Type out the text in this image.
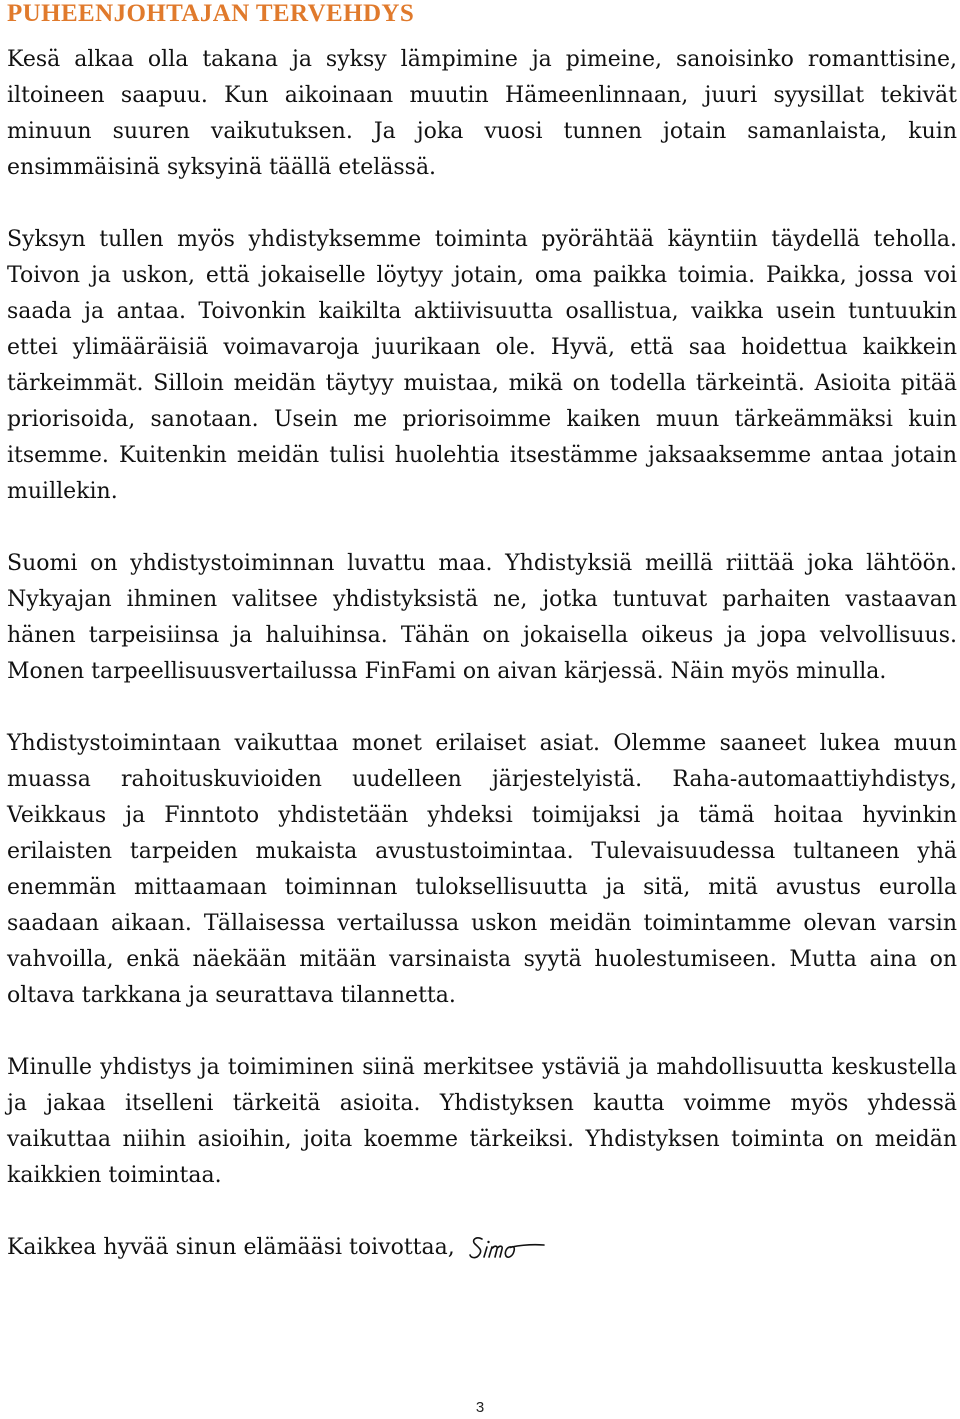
PUHEENJOHTAJAN TERVEHDYS

Kesä alkaa olla takana ja syksy lämpimine ja pimeine, sanoisinko romanttisine, iltoineen saapuu. Kun aikoinaan muutin Hämeenlinnaan, juuri syysillat tekivät minuun suuren vaikutuksen. Ja joka vuosi tunnen jotain samanlaista, kuin ensimmäisinä syksyinä täällä etelässä.

Syksyn tullen myös yhdistyksemme toiminta pyörähtää käyntiin täydellä teholla. Toivon ja uskon, että jokaiselle löytyy jotain, oma paikka toimia. Paikka, jossa voi saada ja antaa. Toivonkin kaikilta aktiivisuutta osallistua, vaikka usein tuntuukin ettei ylimääräisiä voimavaroja juurikaan ole. Hyvä, että saa hoidettua kaikkein tärkeimmät. Silloin meidän täytyy muistaa, mikä on todella tärkeintä. Asioita pitää priorisoida, sanotaan. Usein me priorisoimme kaiken muun tärkeämmäksi kuin itsemme. Kuitenkin meidän tulisi huolehtia itsestämme jaksaaksemme antaa jotain muillekin.

Suomi on yhdistystoiminnan luvattu maa. Yhdistyksiä meillä riittää joka lähtöön. Nykyajan ihminen valitsee yhdistyksistä ne, jotka tuntuvat parhaiten vastaavan hänen tarpeisiinsa ja haluihinsa. Tähän on jokaisella oikeus ja jopa velvollisuus. Monen tarpeellisuusvertailussa FinFami on aivan kärjessä. Näin myös minulla.

Yhdistystoimintaan vaikuttaa monet erilaiset asiat. Olemme saaneet lukea muun muassa rahoituskuvioiden uudelleen järjestelyistä. Raha-automaattiyhdistys, Veikkaus ja Finntoto yhdistetään yhdeksi toimijaksi ja tämä hoitaa hyvinkin erilaisten tarpeiden mukaista avustustoimintaa. Tulevaisuudessa tultaneen yhä enemmän mittaamaan toiminnan tuloksellisuutta ja sitä, mitä avustus eurolla saadaan aikaan. Tällaisessa vertailussa uskon meidän toimintamme olevan varsin vahvoilla, enkä näekään mitään varsinaista syytä huolestumiseen. Mutta aina on oltava tarkkana ja seurattava tilannetta.

Minulle yhdistys ja toimiminen siinä merkitsee ystäviä ja mahdollisuutta keskustella ja jakaa itselleni tärkeitä asioita. Yhdistyksen kautta voimme myös yhdessä vaikuttaa niihin asioihin, joita koemme tärkeiksi. Yhdistyksen toiminta on meidän kaikkien toimintaa.

Kaikkea hyvää sinun elämääsi toivottaa,
3
